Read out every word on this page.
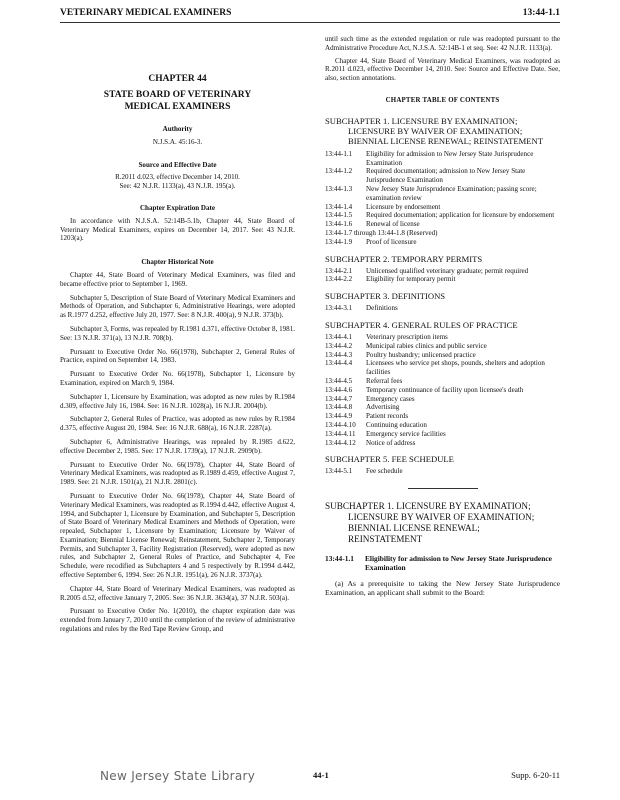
VETERINARY MEDICAL EXAMINERS	13:44-1.1
CHAPTER 44
STATE BOARD OF VETERINARY
MEDICAL EXAMINERS
Authority
N.J.S.A. 45:16-3.
Source and Effective Date
R.2011 d.023, effective December 14, 2010.
See: 42 N.J.R. 1133(a), 43 N.J.R. 195(a).
Chapter Expiration Date
In accordance with N.J.S.A. 52:14B-5.1b, Chapter 44, State Board of Veterinary Medical Examiners, expires on December 14, 2017. See: 43 N.J.R. 1203(a).
Chapter Historical Note
Chapter 44, State Board of Veterinary Medical Examiners, was filed and became effective prior to September 1, 1969.
Subchapter 5, Description of State Board of Veterinary Medical Examiners and Methods of Operation, and Subchapter 6, Administrative Hearings, were adopted as R.1977 d.252, effective July 20, 1977. See: 8 N.J.R. 400(a), 9 N.J.R. 373(b).
Subchapter 3, Forms, was repealed by R.1981 d.371, effective October 8, 1981. See: 13 N.J.R. 371(a), 13 N.J.R. 708(b).
Pursuant to Executive Order No. 66(1978), Subchapter 2, General Rules of Practice, expired on September 14, 1983.
Pursuant to Executive Order No. 66(1978), Subchapter 1, Licensure by Examination, expired on March 9, 1984.
Subchapter 1, Licensure by Examination, was adopted as new rules by R.1984 d.309, effective July 16, 1984. See: 16 N.J.R. 1028(a), 16 N.J.R. 2004(b).
Subchapter 2, General Rules of Practice, was adopted as new rules by R.1984 d.375, effective August 20, 1984. See: 16 N.J.R. 688(a), 16 N.J.R. 2287(a).
Subchapter 6, Administrative Hearings, was repealed by R.1985 d.622, effective December 2, 1985. See: 17 N.J.R. 1739(a), 17 N.J.R. 2909(b).
Pursuant to Executive Order No. 66(1978), Chapter 44, State Board of Veterinary Medical Examiners, was readopted as R.1989 d.459, effective August 7, 1989. See: 21 N.J.R. 1501(a), 21 N.J.R. 2801(c).
Pursuant to Executive Order No. 66(1978), Chapter 44, State Board of Veterinary Medical Examiners, was readopted as R.1994 d.442, effective August 4, 1994, and Subchapter 1, Licensure by Examination, and Subchapter 5, Description of State Board of Veterinary Medical Examiners and Methods of Operation, were repealed, Subchapter 1, Licensure by Examination; Licensure by Waiver of Examination; Biennial License Renewal; Reinstatement, Subchapter 2, Temporary Permits, and Subchapter 3, Facility Registration (Reserved), were adopted as new rules, and Subchapter 2, General Rules of Practice, and Subchapter 4, Fee Schedule, were recodified as Subchapters 4 and 5 respectively by R.1994 d.442, effective September 6, 1994. See: 26 N.J.R. 1951(a), 26 N.J.R. 3737(a).
Chapter 44, State Board of Veterinary Medical Examiners, was readopted as R.2005 d.52, effective January 7, 2005. See: 36 N.J.R. 3634(a), 37 N.J.R. 503(a).
Pursuant to Executive Order No. 1(2010), the chapter expiration date was extended from January 7, 2010 until the completion of the review of administrative regulations and rules by the Red Tape Review Group, and
until such time as the extended regulation or rule was readopted pursuant to the Administrative Procedure Act, N.J.S.A. 52:14B-1 et seq. See: 42 N.J.R. 1133(a).
Chapter 44, State Board of Veterinary Medical Examiners, was readopted as R.2011 d.023, effective December 14, 2010. See: Source and Effective Date. See, also, section annotations.
CHAPTER TABLE OF CONTENTS
SUBCHAPTER 1. LICENSURE BY EXAMINATION;
LICENSURE BY WAIVER OF EXAMINATION;
BIENNIAL LICENSE RENEWAL; REINSTATEMENT
13:44-1.1	Eligibility for admission to New Jersey State Jurisprudence Examination
13:44-1.2	Required documentation; admission to New Jersey State Jurisprudence Examination
13:44-1.3	New Jersey State Jurisprudence Examination; passing score; examination review
13:44-1.4	Licensure by endorsement
13:44-1.5	Required documentation; application for licensure by endorsement
13:44-1.6	Renewal of license
13:44-1.7 through 13:44-1.8 (Reserved)
13:44-1.9	Proof of licensure
SUBCHAPTER 2. TEMPORARY PERMITS
13:44-2.1	Unlicensed qualified veterinary graduate; permit required
13:44-2.2	Eligibility for temporary permit
SUBCHAPTER 3. DEFINITIONS
13:44-3.1	Definitions
SUBCHAPTER 4. GENERAL RULES OF PRACTICE
13:44-4.1	Veterinary prescription items
13:44-4.2	Municipal rabies clinics and public service
13:44-4.3	Poultry husbandry; unlicensed practice
13:44-4.4	Licensees who service pet shops, pounds, shelters and adoption facilities
13:44-4.5	Referral fees
13:44-4.6	Temporary continuance of facility upon licensee's death
13:44-4.7	Emergency cases
13:44-4.8	Advertising
13:44-4.9	Patient records
13:44-4.10	Continuing education
13:44-4.11	Emergency service facilities
13:44-4.12	Notice of address
SUBCHAPTER 5. FEE SCHEDULE
13:44-5.1	Fee schedule
SUBCHAPTER 1. LICENSURE BY EXAMINATION;
LICENSURE BY WAIVER OF EXAMINATION;
BIENNIAL LICENSE RENEWAL;
REINSTATEMENT
13:44-1.1	Eligibility for admission to New Jersey State Jurisprudence Examination
(a) As a prerequisite to taking the New Jersey State Jurisprudence Examination, an applicant shall submit to the Board:
New Jersey State Library	44-1	Supp. 6-20-11
